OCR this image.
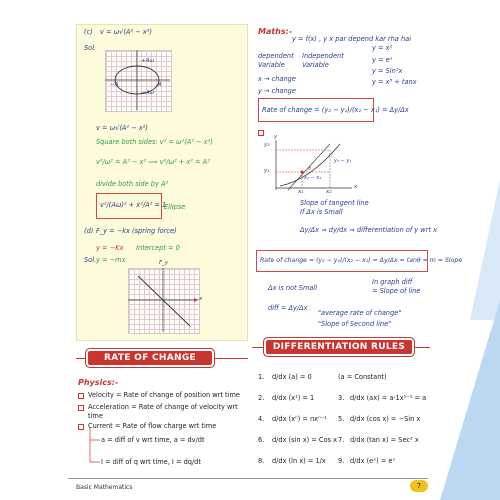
(c) v = ω√(A² − x²)
Sol.
+Aω
−Aω
−A	A
v = ω√(A² − x²)
Square both sides: v² = ω²(A² − x²)
v²/ω² = A² − x² ⟹ v²/ω² + x² = A²
divide both side by A²
v²/(Aω)² + x²/A² = 1
Ellipse
(d) F_y = −kx (spring force)
y = −Kx Intercept = 0
Sol. y = −mx	F_y
x
RATE OF CHANGE
Physics:-
Velocity = Rate of change of position wrt time
Acceleration = Rate of change of velocity wrt time
Current = Rate of flow charge wrt time
a = diff of v wrt time, a = dv/dt
I = diff of q wrt time, I = dq/dt
Maths:-
y = f(x) , y x par depend kar rha hai
dependent
Variable
Independent
Variable
x → change
y → change
y = x²
y = eˣ
y = Sin²x
y = x³ + tanx
Rate of change = (y₂ − y₁)/(x₂ − x₁) = Δy/Δx
y₂
y₁
x₁	x₂
x₂ − x₁
y₂ − y₁
x
y
θ
Slope of tangent line
If Δx is Small
Δy/Δx ⇒ dy/dx ⇒ differentiation of y wrt x
Rate of change = (y₂ − y₁)/(x₂ − x₁) = Δy/Δx = tanθ = m = Slope
In graph diff
= Slope of line
Δx is not Small
diff = Δy/Δx
"average rate of change"
"Slope of Second line"
DIFFERENTIATION RULES
1. d/dx (a) = 0	(a = Constant)
2. d/dx (x¹) = 1	3. d/dx (ax) = a·1x¹⁻¹ = a
4. d/dx (xⁿ) = nxⁿ⁻¹ 5. d/dx (cos x) = −Sin x
6. d/dx (sin x) = Cos x 7. d/dx (tan x) = Sec² x
8. d/dx (ln x) = 1/x 9. d/dx (eˣ) = eˣ
Basic Mathematics	7
